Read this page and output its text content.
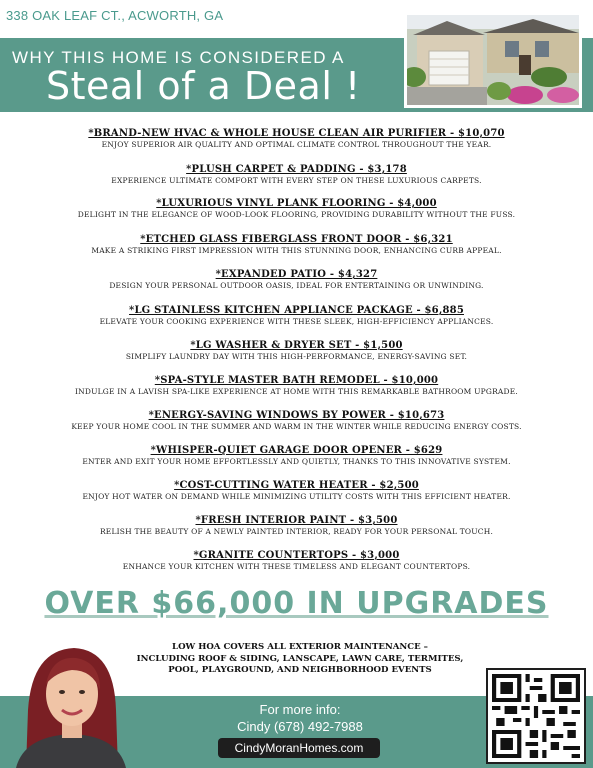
338 OAK LEAF CT., ACWORTH, GA
WHY THIS HOME IS CONSIDERED A
Steal of a Deal !
*BRAND-NEW HVAC & WHOLE HOUSE CLEAN AIR PURIFIER - $10,070
ENJOY SUPERIOR AIR QUALITY AND OPTIMAL CLIMATE CONTROL THROUGHOUT THE YEAR.
*PLUSH CARPET & PADDING - $3,178
EXPERIENCE ULTIMATE COMFORT WITH EVERY STEP ON THESE LUXURIOUS CARPETS.
*LUXURIOUS VINYL PLANK FLOORING - $4,000
DELIGHT IN THE ELEGANCE OF WOOD-LOOK FLOORING, PROVIDING DURABILITY WITHOUT THE FUSS.
*ETCHED GLASS FIBERGLASS FRONT DOOR - $6,321
MAKE A STRIKING FIRST IMPRESSION WITH THIS STUNNING DOOR, ENHANCING CURB APPEAL.
*EXPANDED PATIO - $4,327
DESIGN YOUR PERSONAL OUTDOOR OASIS, IDEAL FOR ENTERTAINING OR UNWINDING.
*LG STAINLESS KITCHEN APPLIANCE PACKAGE - $6,885
ELEVATE YOUR COOKING EXPERIENCE WITH THESE SLEEK, HIGH-EFFICIENCY APPLIANCES.
*LG WASHER & DRYER SET - $1,500
SIMPLIFY LAUNDRY DAY WITH THIS HIGH-PERFORMANCE, ENERGY-SAVING SET.
*SPA-STYLE MASTER BATH REMODEL - $10,000
INDULGE IN A LAVISH SPA-LIKE EXPERIENCE AT HOME WITH THIS REMARKABLE BATHROOM UPGRADE.
*ENERGY-SAVING WINDOWS BY POWER - $10,673
KEEP YOUR HOME COOL IN THE SUMMER AND WARM IN THE WINTER WHILE REDUCING ENERGY COSTS.
*WHISPER-QUIET GARAGE DOOR OPENER - $629
ENTER AND EXIT YOUR HOME EFFORTLESSLY AND QUIETLY, THANKS TO THIS INNOVATIVE SYSTEM.
*COST-CUTTING WATER HEATER - $2,500
ENJOY HOT WATER ON DEMAND WHILE MINIMIZING UTILITY COSTS WITH THIS EFFICIENT HEATER.
*FRESH INTERIOR PAINT - $3,500
RELISH THE BEAUTY OF A NEWLY PAINTED INTERIOR, READY FOR YOUR PERSONAL TOUCH.
*GRANITE COUNTERTOPS - $3,000
ENHANCE YOUR KITCHEN WITH THESE TIMELESS AND ELEGANT COUNTERTOPS.
OVER $66,000 IN UPGRADES
LOW HOA COVERS ALL EXTERIOR MAINTENANCE –
INCLUDING ROOF & SIDING, LANSCAPE, LAWN CARE, TERMITES,
POOL, PLAYGROUND, AND NEIGHBORHOOD EVENTS
For more info:
Cindy (678) 492-7988
CindyMoranHomes.com
